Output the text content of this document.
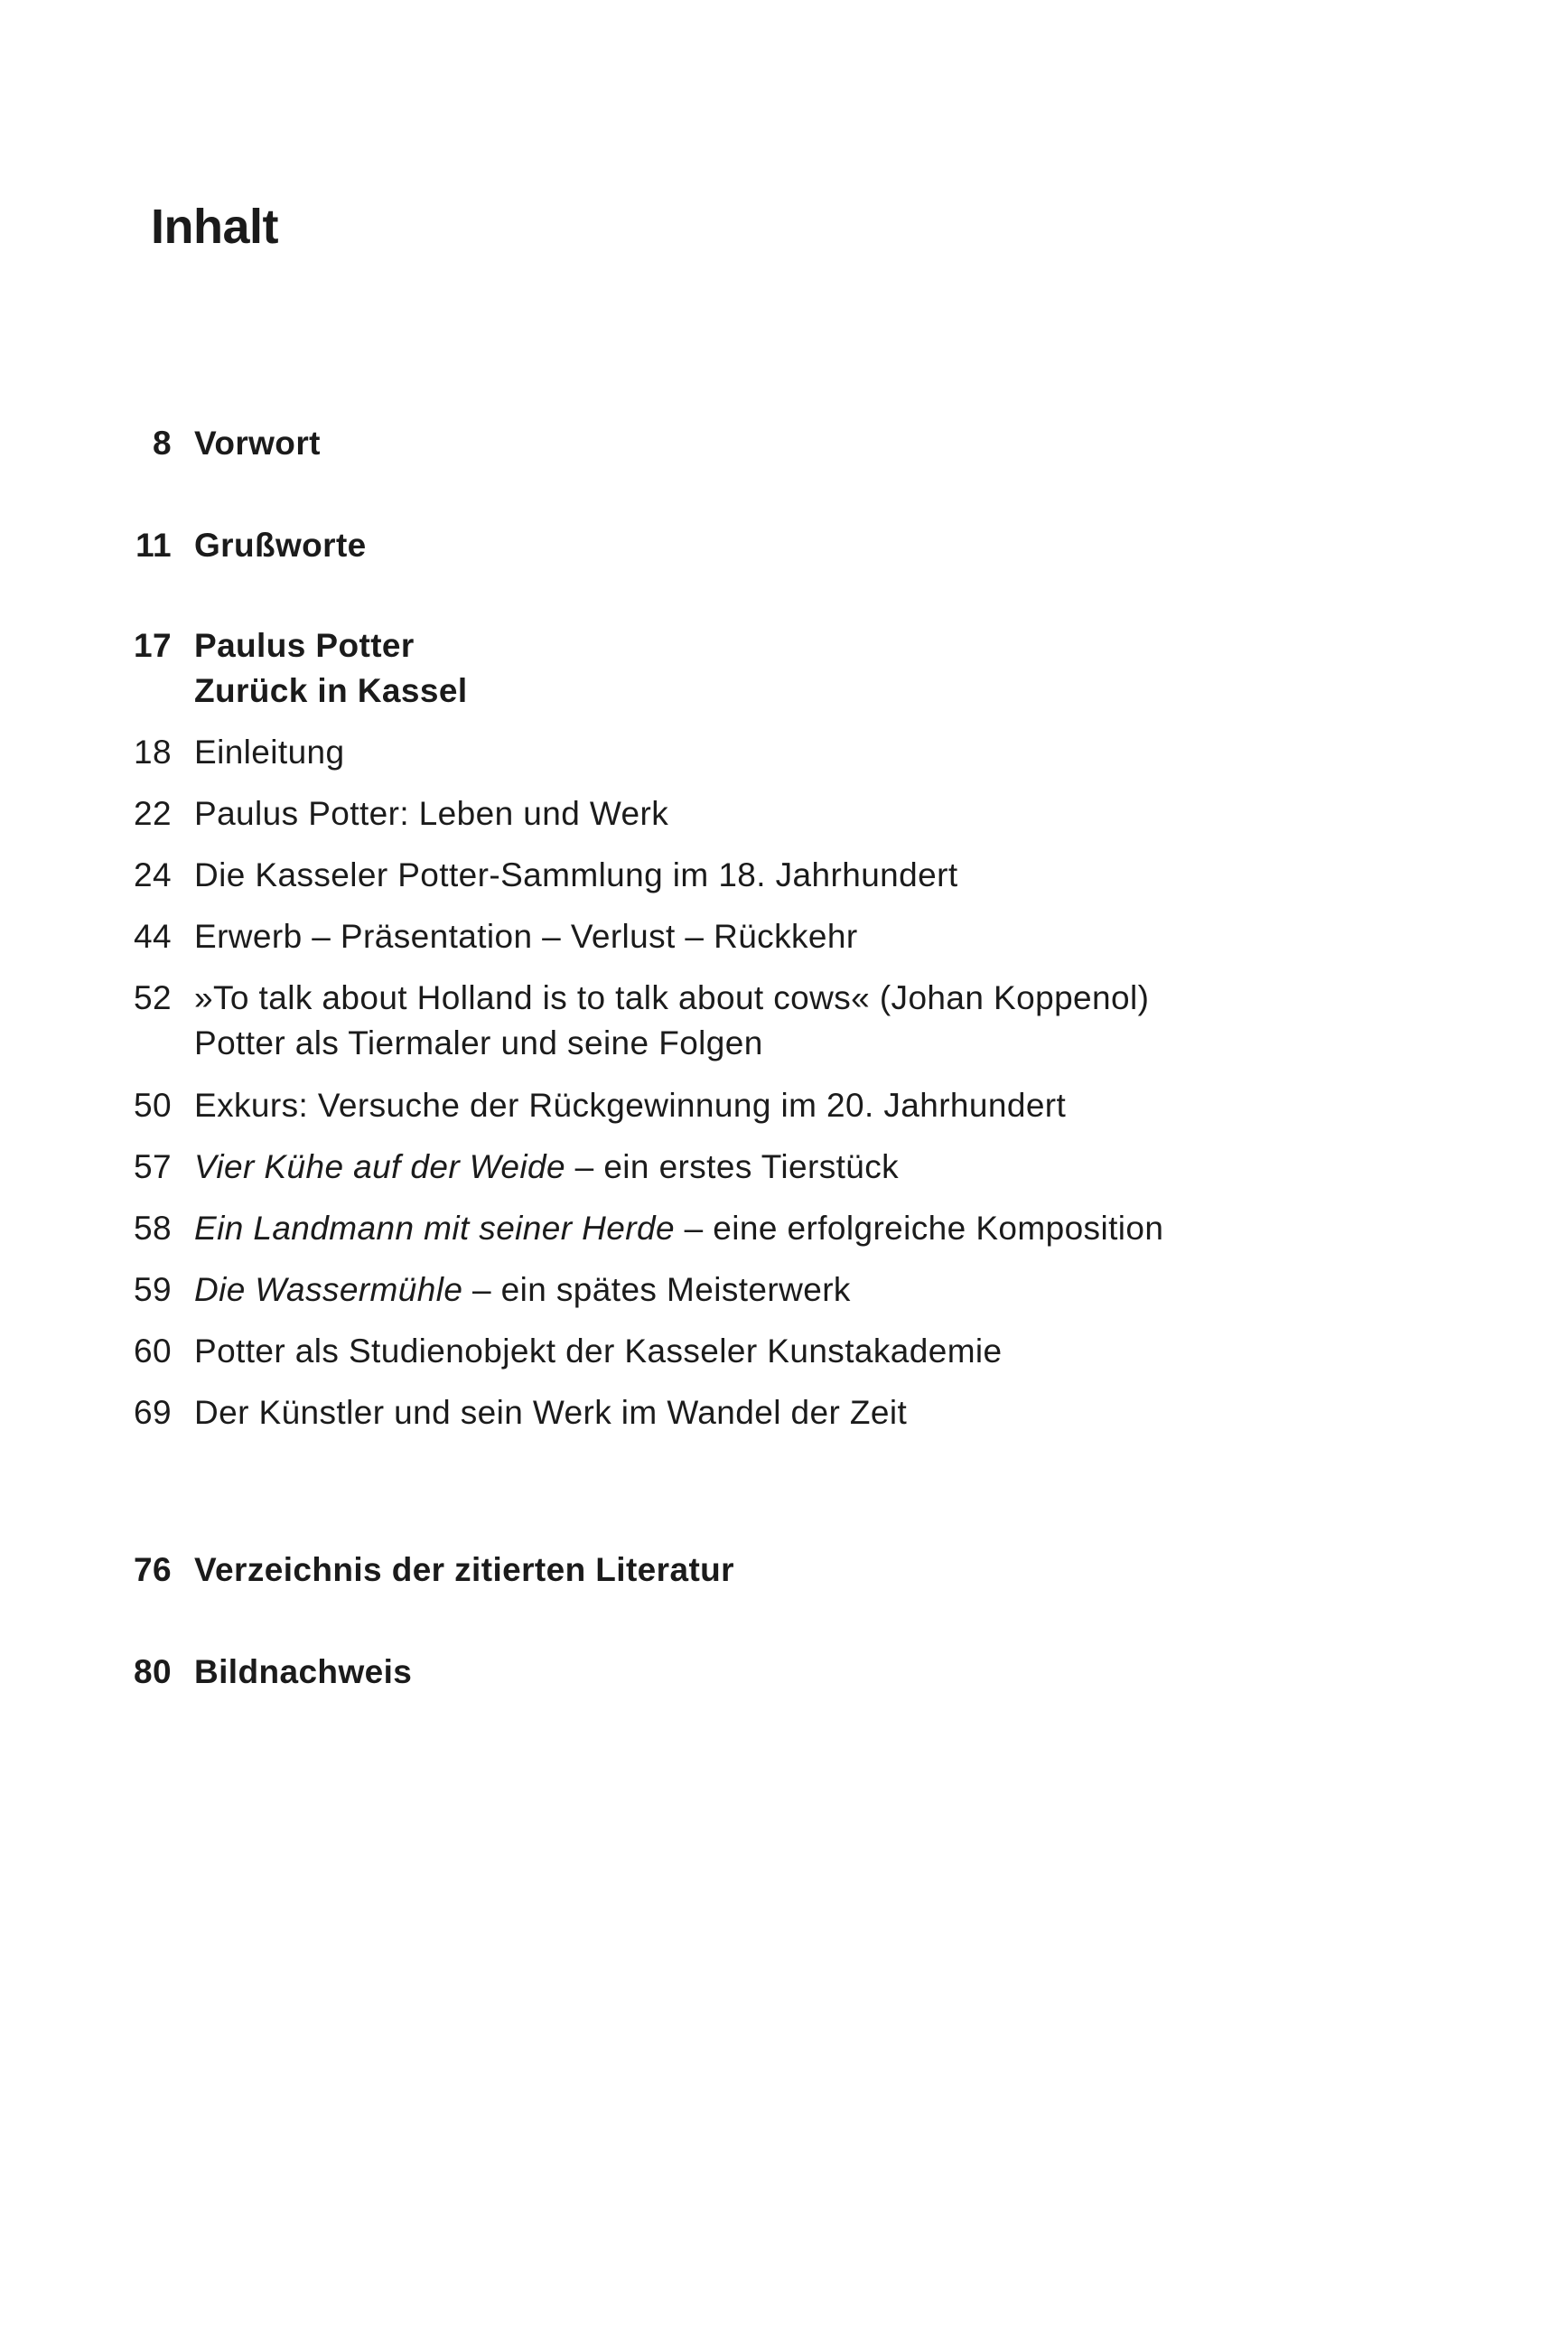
Inhalt
8 Vorwort
11 Grußworte
17 Paulus Potter
Zurück in Kassel
18 Einleitung
22 Paulus Potter: Leben und Werk
24 Die Kasseler Potter-Sammlung im 18. Jahrhundert
44 Erwerb – Präsentation – Verlust – Rückkehr
52 »To talk about Holland is to talk about cows« (Johan Koppenol)
Potter als Tiermaler und seine Folgen
50 Exkurs: Versuche der Rückgewinnung im 20. Jahrhundert
57 Vier Kühe auf der Weide – ein erstes Tierstück
58 Ein Landmann mit seiner Herde – eine erfolgreiche Komposition
59 Die Wassermühle – ein spätes Meisterwerk
60 Potter als Studienobjekt der Kasseler Kunstakademie
69 Der Künstler und sein Werk im Wandel der Zeit
76 Verzeichnis der zitierten Literatur
80 Bildnachweis
